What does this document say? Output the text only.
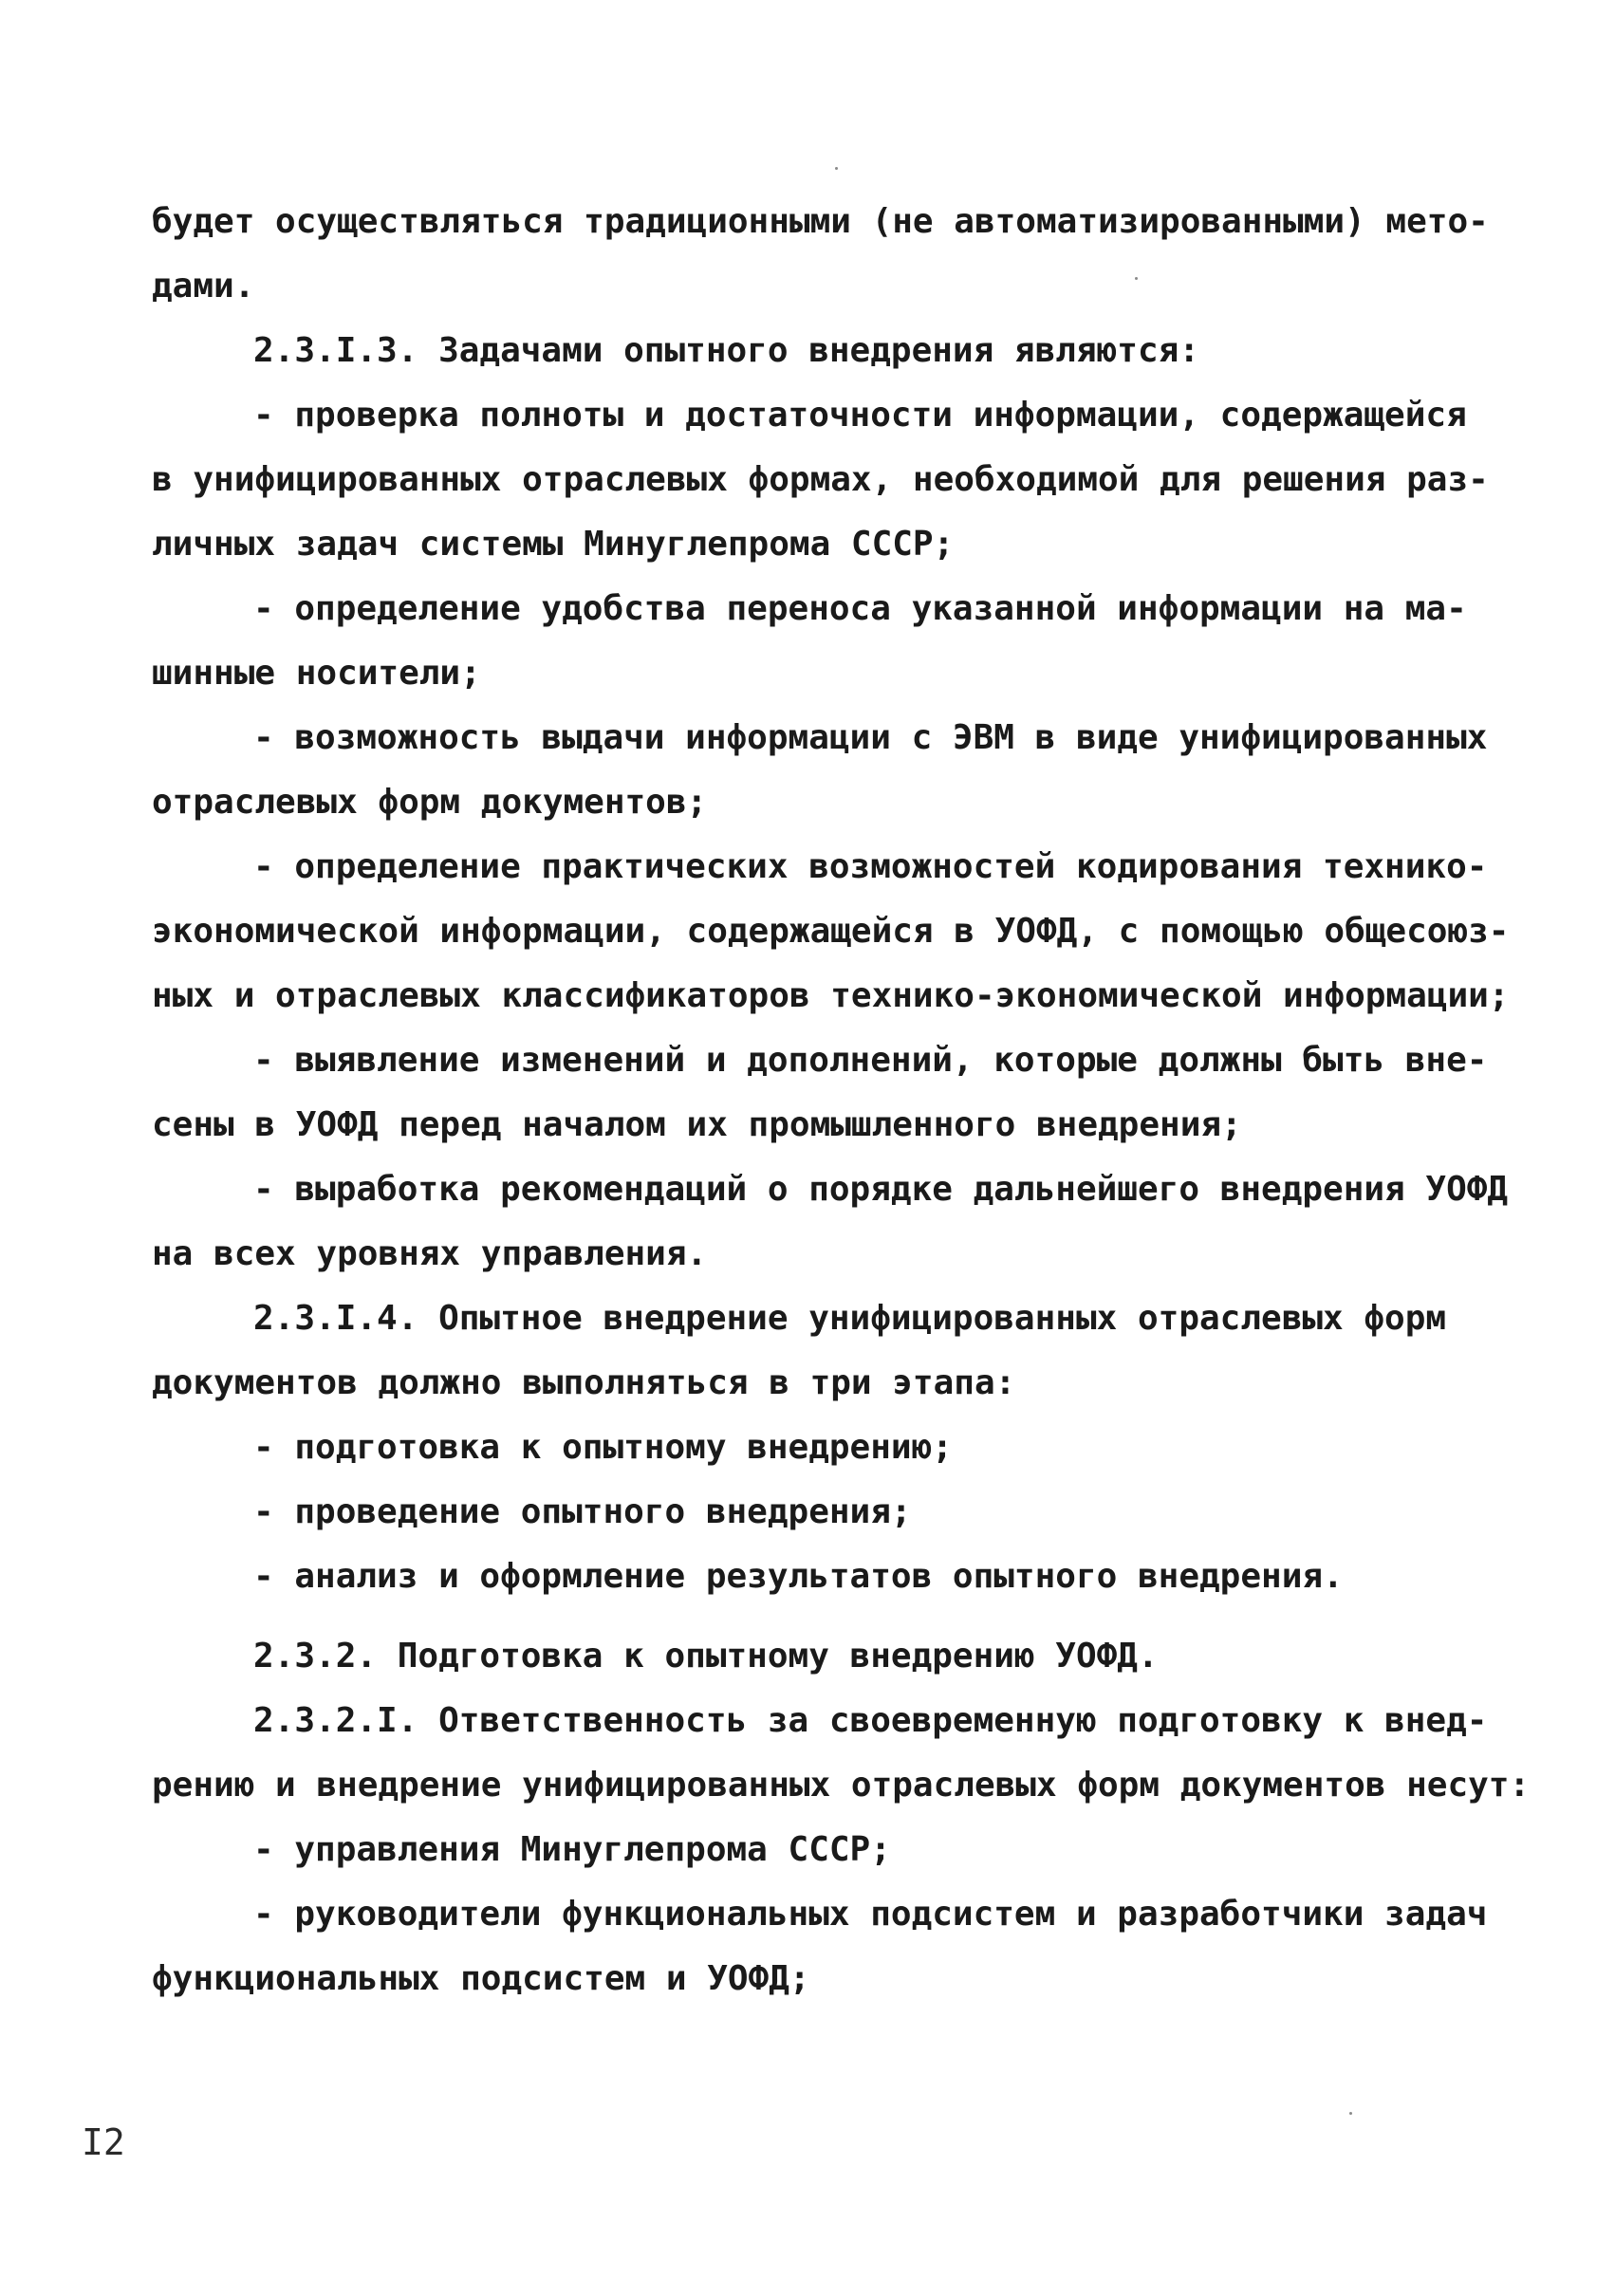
будет осуществляться традиционными (не автоматизированными) мето-
дами.
2.3.I.3. Задачами опытного внедрения являются:
- проверка полноты и достаточности информации, содержащейся
в унифицированных отраслевых формах, необходимой для решения раз-
личных задач системы Минуглепрома СССР;
- определение удобства переноса указанной информации на ма-
шинные носители;
- возможность выдачи информации с ЭВМ в виде унифицированных
отраслевых форм документов;
- определение практических возможностей кодирования технико-
экономической информации, содержащейся в УОФД, с помощью общесоюз-
ных и отраслевых классификаторов технико-экономической информации;
- выявление изменений и дополнений, которые должны быть вне-
сены в УОФД перед началом их промышленного внедрения;
- выработка рекомендаций о порядке дальнейшего внедрения УОФД
на всех уровнях управления.
2.3.I.4. Опытное внедрение унифицированных отраслевых форм
документов должно выполняться в три этапа:
- подготовка к опытному внедрению;
- проведение опытного внедрения;
- анализ и оформление результатов опытного внедрения.
2.3.2. Подготовка к опытному внедрению УОФД.
2.3.2.I. Ответственность за своевременную подготовку к внед-
рению и внедрение унифицированных отраслевых форм документов несут:
- управления Минуглепрома СССР;
- руководители функциональных подсистем и разработчики задач
функциональных подсистем и УОФД;
I2
